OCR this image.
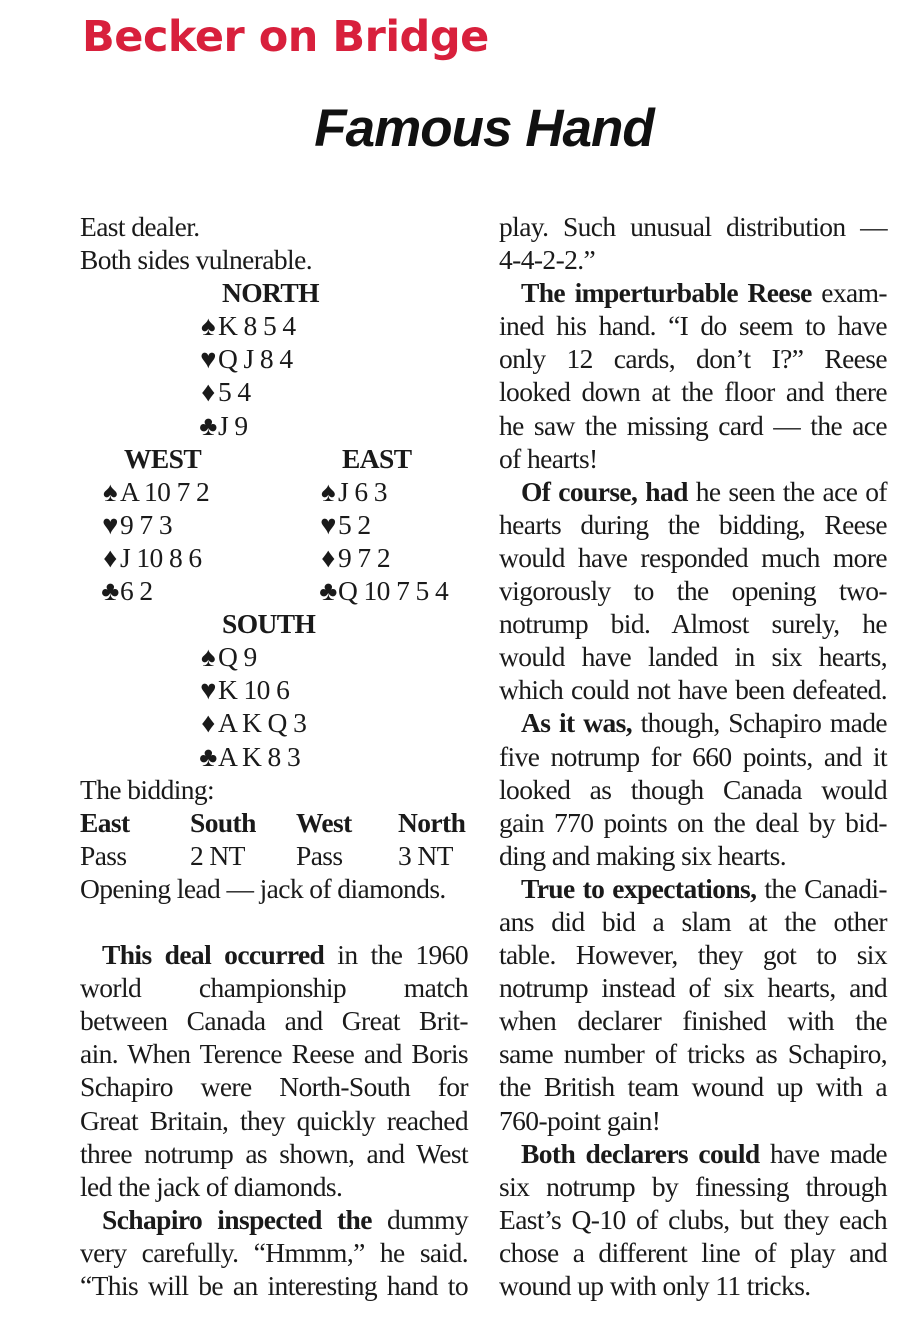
Becker on Bridge
Famous Hand
East dealer.
Both sides vulnerable.
NORTH
♠ K 8 5 4
♥Q J 8 4
♦ 5 4
♣J 9
WEST	EAST
♠ A 10 7 2	♠ J 6 3
♥9 7 3	♥5 2
♦ J 10 8 6	♦ 9 7 2
♣6 2	♣Q 10 7 5 4
SOUTH
♠ Q 9
♥K 10 6
♦ A K Q 3
♣A K 8 3
The bidding:
East South West North
Pass 2 NT Pass 3 NT
Opening lead — jack of diamonds.
This deal occurred in the 1960
world championship match
between Canada and Great Brit-
ain. When Terence Reese and Boris
Schapiro were North-South for
Great Britain, they quickly reached
three notrump as shown, and West
led the jack of diamonds.
Schapiro inspected the dummy
very carefully. “Hmmm,” he said.
“This will be an interesting hand to
play. Such unusual distribution —
4-4-2-2.”
The imperturbable Reese exam-
ined his hand. “I do seem to have
only 12 cards, don’t I?” Reese
looked down at the floor and there
he saw the missing card — the ace
of hearts!
Of course, had he seen the ace of
hearts during the bidding, Reese
would have responded much more
vigorously to the opening two-
notrump bid. Almost surely, he
would have landed in six hearts,
which could not have been defeated.
As it was, though, Schapiro made
five notrump for 660 points, and it
looked as though Canada would
gain 770 points on the deal by bid-
ding and making six hearts.
True to expectations, the Canadi-
ans did bid a slam at the other
table. However, they got to six
notrump instead of six hearts, and
when declarer finished with the
same number of tricks as Schapiro,
the British team wound up with a
760-point gain!
Both declarers could have made
six notrump by finessing through
East’s Q-10 of clubs, but they each
chose a different line of play and
wound up with only 11 tricks.
